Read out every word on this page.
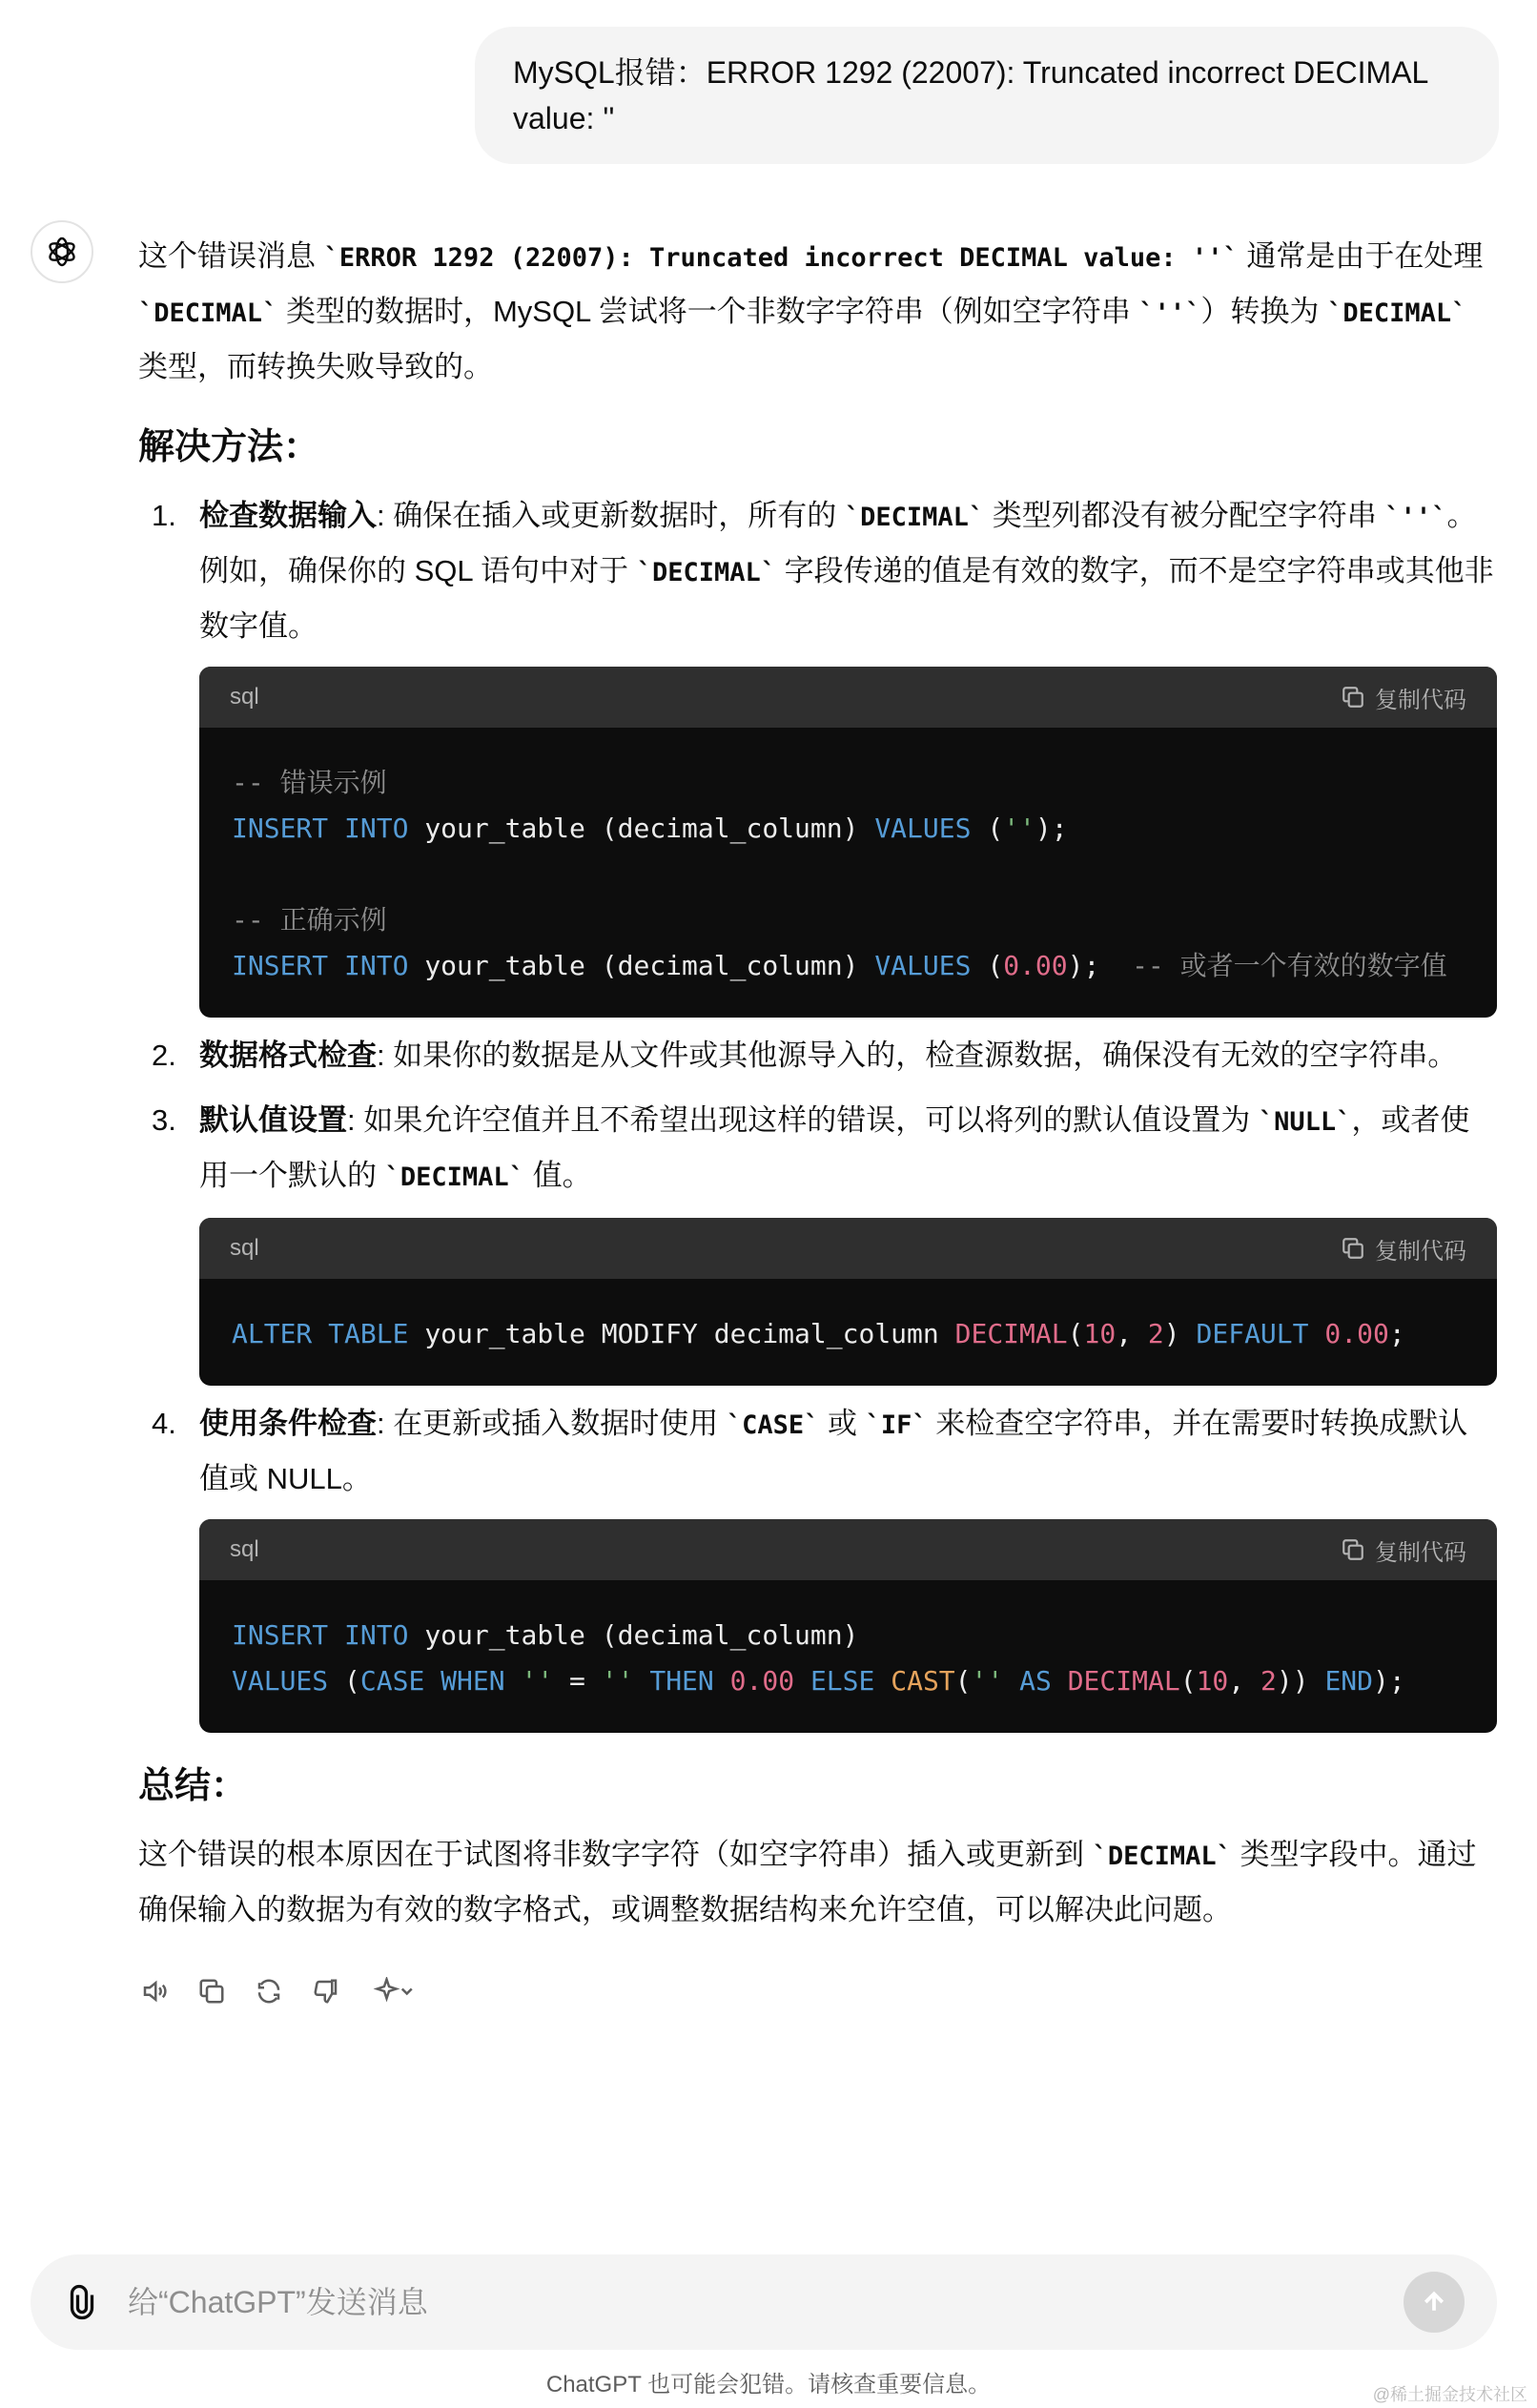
MySQL报错：ERROR 1292 (22007): Truncated incorrect DECIMAL value: ''

这个错误消息 ` ERROR 1292 (22007): Truncated incorrect DECIMAL value: '' ` 通常是由于在处理 ` DECIMAL ` 类型的数据时，MySQL 尝试将一个非数字字符串（例如空字符串 ` '' ` ）转换为 ` DECIMAL ` 类型，而转换失败导致的。

解决方法：
1. 检查数据输入: 确保在插入或更新数据时，所有的 ` DECIMAL ` 类型列都没有被分配空字符串 ` '' ` 。例如，确保你的 SQL 语句中对于 ` DECIMAL ` 字段传递的值是有效的数字，而不是空字符串或其他非数字值。

sql	复制代码
-- 错误示例
INSERT INTO your_table (decimal_column) VALUES ('');

-- 正确示例
INSERT INTO your_table (decimal_column) VALUES (0.00);  -- 或者一个有效的数字值
2. 数据格式检查: 如果你的数据是从文件或其他源导入的，检查源数据，确保没有无效的空字符串。

3. 默认值设置: 如果允许空值并且不希望出现这样的错误，可以将列的默认值设置为 ` NULL ` ，或者使用一个默认的 ` DECIMAL ` 值。

sql	复制代码
ALTER TABLE your_table MODIFY decimal_column DECIMAL(10, 2) DEFAULT 0.00;
4. 使用条件检查: 在更新或插入数据时使用 ` CASE ` 或 ` IF ` 来检查空字符串，并在需要时转换成默认值或 NULL。

sql	复制代码
INSERT INTO your_table (decimal_column)
VALUES (CASE WHEN '' = '' THEN 0.00 ELSE CAST('' AS DECIMAL(10, 2)) END);
总结：

这个错误的根本原因在于试图将非数字字符（如空字符串）插入或更新到 ` DECIMAL ` 类型字段中。通过确保输入的数据为有效的数字格式，或调整数据结构来允许空值，可以解决此问题。

给“ChatGPT”发送消息
ChatGPT 也可能会犯错。请核查重要信息。	@稀土掘金技术社区
